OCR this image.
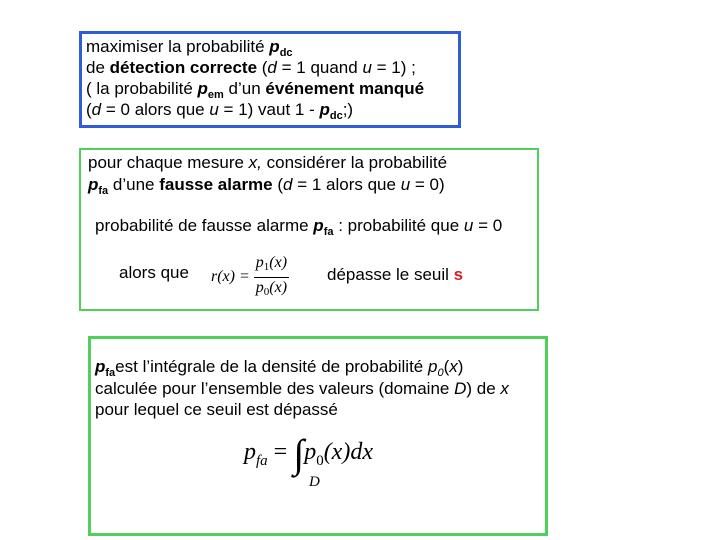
maximiser la probabilité $p_{dc}$
de détection correcte (d = 1 quand u = 1) ;
( la probabilité $p_{em}$ d’un événement manqué
(d = 0 alors que u = 1) vaut $1 - p_{dc}$;)
pour chaque mesure x, considérer la probabilité
$p_{fa}$ d’une fausse alarme (d = 1 alors que u = 0)
probabilité de fausse alarme $p_{fa}$ : probabilité que u = 0
alors que $r(x) = \frac{p1(x)}{p0(x)}$ dépasse le seuil s
$p_{fa}est$ l’intégrale de la densité de probabilité $p_0(x)$
calculée pour l’ensemble des valeurs (domaine D) de x
pour lequel ce seuil est dépassé
$p_{fa} = \int p_0(x)dx$
D
